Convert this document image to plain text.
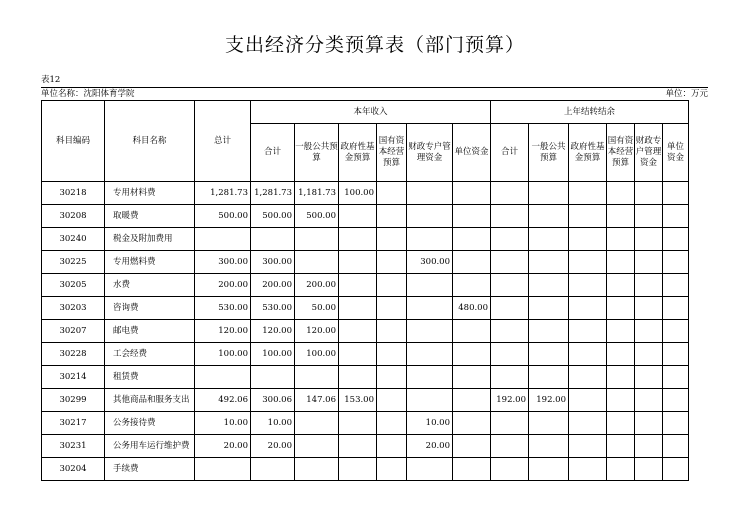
支出经济分类预算表（部门预算）
表12
单位名称：沈阳体育学院	单位：万元
科目编码	科目名称	总计	本年收入						上年结转结余					
			合计	一般公共预算	政府性基金预算	国有资本经营预算	财政专户管理资金	单位资金	合计	一般公共预算	政府性基金预算	国有资本经营预算	财政专户管理资金	单位资金
30218	专用材料费	1,281.73	1,281.73	1,181.73	100.00									
30208	取暖费	500.00	500.00	500.00										
30240	税金及附加费用													
30225	专用燃料费	300.00	300.00				300.00							
30205	水费	200.00	200.00	200.00										
30203	咨询费	530.00	530.00	50.00				480.00						
30207	邮电费	120.00	120.00	120.00										
30228	工会经费	100.00	100.00	100.00										
30214	租赁费													
30299	其他商品和服务支出	492.06	300.06	147.06	153.00				192.00	192.00				
30217	公务接待费	10.00	10.00				10.00							
30231	公务用车运行维护费	20.00	20.00				20.00							
30204	手续费													
